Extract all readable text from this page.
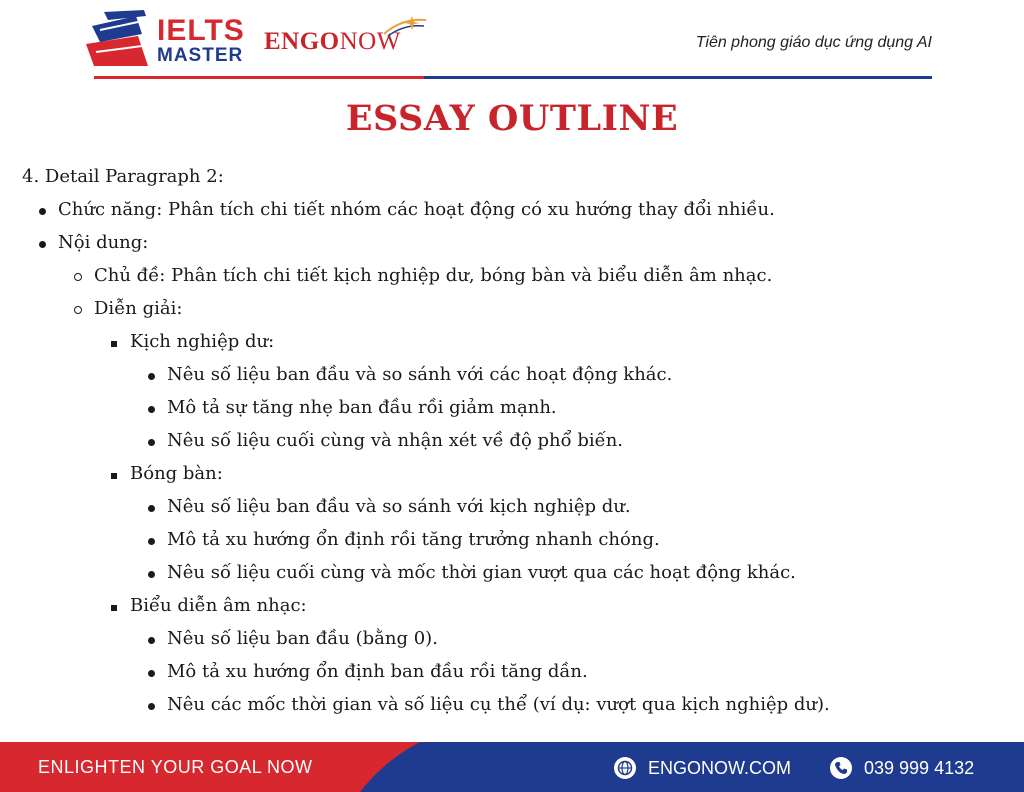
IELTS
MASTER
ENGONOW	Tiên phong giáo dục ứng dụng AI
ESSAY OUTLINE
4. Detail Paragraph 2:
Chức năng: Phân tích chi tiết nhóm các hoạt động có xu hướng thay đổi nhiều.
Nội dung:
Chủ đề: Phân tích chi tiết kịch nghiệp dư, bóng bàn và biểu diễn âm nhạc.
Diễn giải:
Kịch nghiệp dư:
Nêu số liệu ban đầu và so sánh với các hoạt động khác.
Mô tả sự tăng nhẹ ban đầu rồi giảm mạnh.
Nêu số liệu cuối cùng và nhận xét về độ phổ biến.
Bóng bàn:
Nêu số liệu ban đầu và so sánh với kịch nghiệp dư.
Mô tả xu hướng ổn định rồi tăng trưởng nhanh chóng.
Nêu số liệu cuối cùng và mốc thời gian vượt qua các hoạt động khác.
Biểu diễn âm nhạc:
Nêu số liệu ban đầu (bằng 0).
Mô tả xu hướng ổn định ban đầu rồi tăng dần.
Nêu các mốc thời gian và số liệu cụ thể (ví dụ: vượt qua kịch nghiệp dư).
ENLIGHTEN YOUR GOAL NOW	ENGONOW.COM	039 999 4132
